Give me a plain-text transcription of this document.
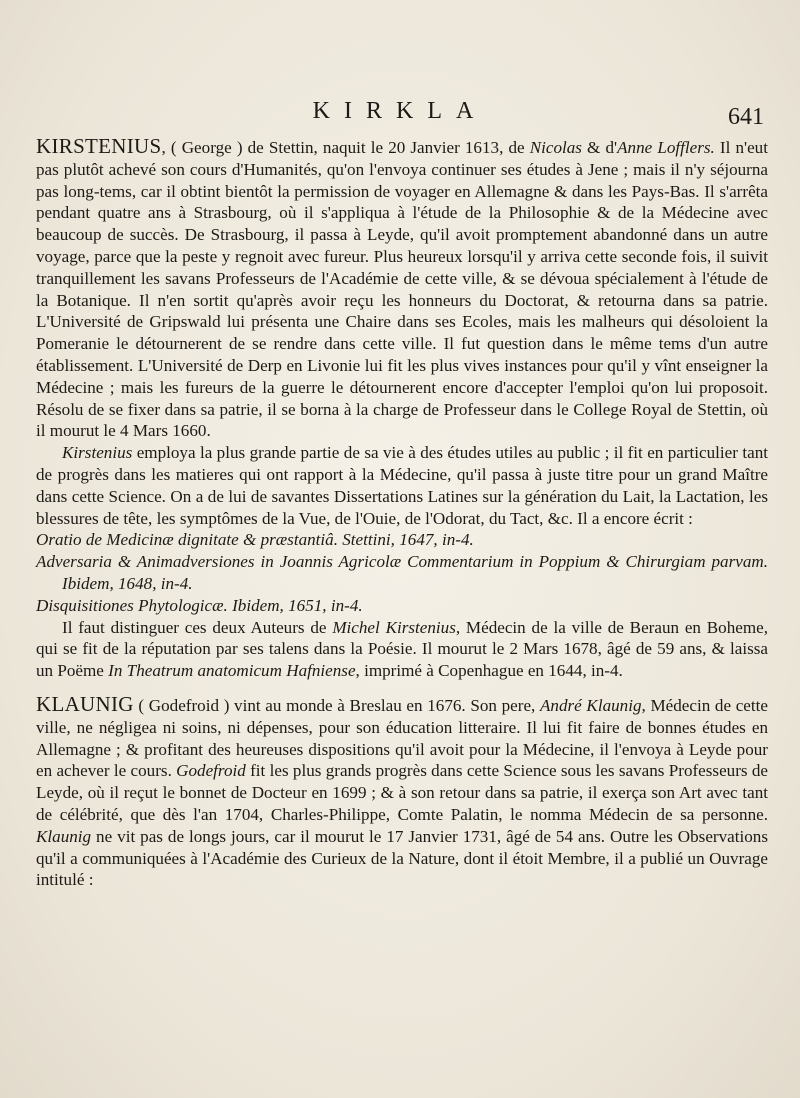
KIRKLA	641

KIRSTENIUS, ( George ) de Stettin, naquit le 20 Janvier 1613, de Nicolas & d'Anne Lofflers. Il n'eut pas plutôt achevé son cours d'Humanités, qu'on l'envoya continuer ses études à Jene ; mais il n'y séjourna pas long-tems, car il obtint bientôt la permission de voyager en Allemagne & dans les Pays-Bas. Il s'arrêta pendant quatre ans à Strasbourg, où il s'appliqua à l'étude de la Philosophie & de la Médecine avec beaucoup de succès. De Strasbourg, il passa à Leyde, qu'il avoit promptement abandonné dans un autre voyage, parce que la peste y regnoit avec fureur. Plus heureux lorsqu'il y arriva cette seconde fois, il suivit tranquillement les savans Professeurs de l'Académie de cette ville, & se dévoua spécialement à l'étude de la Botanique. Il n'en sortit qu'après avoir reçu les honneurs du Doctorat, & retourna dans sa patrie. L'Université de Gripswald lui présenta une Chaire dans ses Ecoles, mais les malheurs qui désoloient la Pomeranie le détournerent de se rendre dans cette ville. Il fut question dans le même tems d'un autre établissement. L'Université de Derp en Livonie lui fit les plus vives instances pour qu'il y vînt enseigner la Médecine ; mais les fureurs de la guerre le détournerent encore d'accepter l'emploi qu'on lui proposoit. Résolu de se fixer dans sa patrie, il se borna à la charge de Professeur dans le College Royal de Stettin, où il mourut le 4 Mars 1660.

Kirstenius employa la plus grande partie de sa vie à des études utiles au public ; il fit en particulier tant de progrès dans les matieres qui ont rapport à la Médecine, qu'il passa à juste titre pour un grand Maître dans cette Science. On a de lui de savantes Dissertations Latines sur la génération du Lait, la Lactation, les blessures de tête, les symptômes de la Vue, de l'Ouie, de l'Odorat, du Tact, &c. Il a encore écrit :

Oratio de Medicinæ dignitate & præstantiâ. Stettini, 1647, in-4.

Adversaria & Animadversiones in Joannis Agricolæ Commentarium in Poppium & Chirurgiam parvam. Ibidem, 1648, in-4.

Disquisitiones Phytologicæ. Ibidem, 1651, in-4.

Il faut distinguer ces deux Auteurs de Michel Kirstenius, Médecin de la ville de Beraun en Boheme, qui se fit de la réputation par ses talens dans la Poésie. Il mourut le 2 Mars 1678, âgé de 59 ans, & laissa un Poëme In Theatrum anatomicum Hafniense, imprimé à Copenhague en 1644, in-4.

KLAUNIG ( Godefroid ) vint au monde à Breslau en 1676. Son pere, André Klaunig, Médecin de cette ville, ne négligea ni soins, ni dépenses, pour son éducation litteraire. Il lui fit faire de bonnes études en Allemagne ; & profitant des heureuses dispositions qu'il avoit pour la Médecine, il l'envoya à Leyde pour en achever le cours. Godefroid fit les plus grands progrès dans cette Science sous les savans Professeurs de Leyde, où il reçut le bonnet de Docteur en 1699 ; & à son retour dans sa patrie, il exerça son Art avec tant de célébrité, que dès l'an 1704, Charles-Philippe, Comte Palatin, le nomma Médecin de sa personne. Klaunig ne vit pas de longs jours, car il mourut le 17 Janvier 1731, âgé de 54 ans. Outre les Observations qu'il a communiquées à l'Académie des Curieux de la Nature, dont il étoit Membre, il a publié un Ouvrage intitulé :
